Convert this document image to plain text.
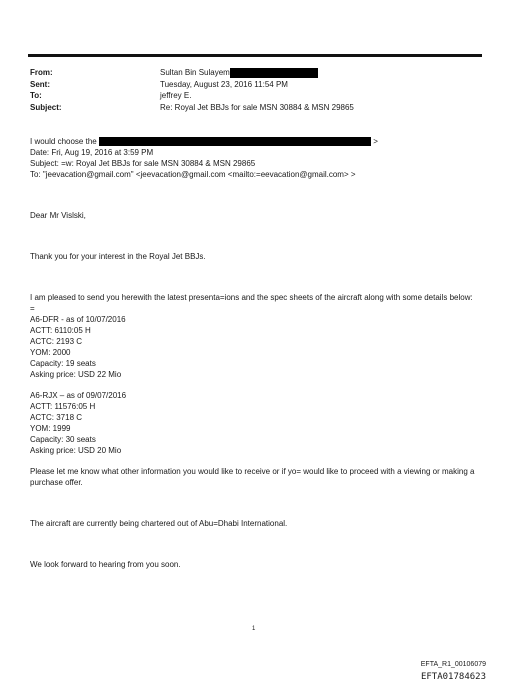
From:	Sultan Bin Sulayem
Sent:	Tuesday, August 23, 2016 11:54 PM
To:	jeffrey E.
Subject:	Re: Royal Jet BBJs for sale MSN 30884 & MSN 29865
I would choose the	>
Date: Fri, Aug 19, 2016 at 3:59 PM
Subject: =w: Royal Jet BBJs for sale MSN 30884 & MSN 29865
To: "jeevacation@gmail.com" <jeevacation@gmail.com <mailto:=eevacation@gmail.com> >
Dear Mr Vislski,
Thank you for your interest in the Royal Jet BBJs.
I am pleased to send you herewith the latest presenta=ions and the spec sheets of the aircraft along with some details below:
=
A6-DFR - as of 10/07/2016
ACTT: 6110:05 H
ACTC: 2193 C
YOM: 2000
Capacity: 19 seats
Asking price: USD 22 Mio
A6-RJX – as of 09/07/2016
ACTT: 11576:05 H
ACTC: 3718 C
YOM: 1999
Capacity: 30 seats
Asking price: USD 20 Mio
Please let me know what other information you would like to receive or if yo= would like to proceed with a viewing or making a purchase offer.
The aircraft are currently being chartered out of Abu=Dhabi International.
We look forward to hearing from you soon.
1
EFTA_R1_00106079
EFTA01784623
